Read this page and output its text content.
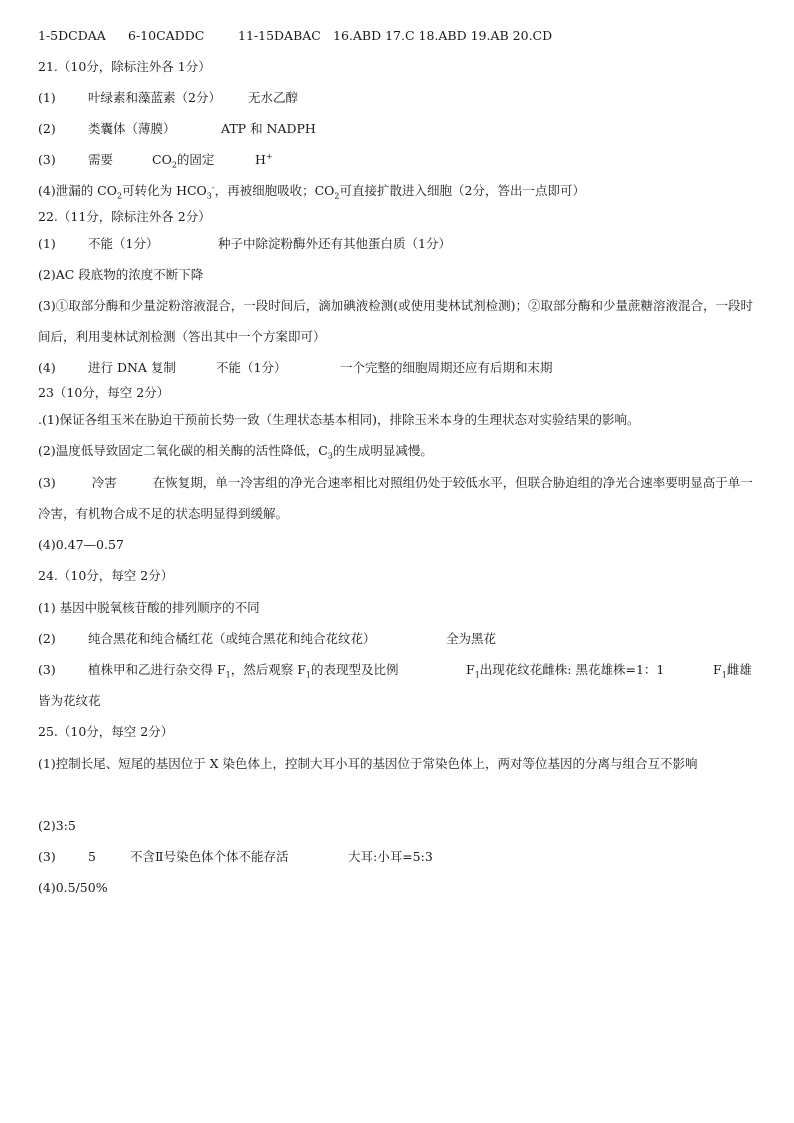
1-5DCDAA 6-10CADDC	11-15DABAC 16.ABD 17.C 18.ABD 19.AB 20.CD
21.（10分，除标注外各 1分）
(1)	叶绿素和藻蓝素（2分） 无水乙醇
(2)	类囊体（薄膜）	ATP 和 NADPH
(3)	需要	$CO_2$的固定	H+
(4)泄漏的 $CO_2$可转化为 $HCO_3^-$，再被细胞吸收；$CO_2$可直接扩散进入细胞（2分，答出一点即可）
22.（11分，除标注外各 2分）
(1)	不能（1分）	种子中除淀粉酶外还有其他蛋白质（1分）
(2)AC 段底物的浓度不断下降
(3)①取部分酶和少量淀粉溶液混合，一段时间后，滴加碘液检测(或使用斐林试剂检测)；②取部分酶和少量蔗糖溶液混合，一段时间后，利用斐林试剂检测（答出其中一个方案即可）
(4)	进行 DNA 复制	不能（1分）	一个完整的细胞周期还应有后期和末期
23（10分，每空 2分）
.(1)保证各组玉米在胁迫干预前长势一致（生理状态基本相同)，排除玉米本身的生理状态对实验结果的影响。
(2)温度低导致固定二氧化碳的相关酶的活性降低，$C_3$的生成明显减慢。
(3)	冷害	在恢复期，单一冷害组的净光合速率相比对照组仍处于较低水平，但联合胁迫组的净光合速率要明显高于单一冷害，有机物合成不足的状态明显得到缓解。
(4)0.47—0.57
24.（10分，每空 2分）
(1) 基因中脱氧核苷酸的排列顺序的不同
(2)	纯合黑花和纯合橘红花（或纯合黑花和纯合花纹花）	全为黑花
(3)	植株甲和乙进行杂交得 $F_1$，然后观察 $F_1$的表现型及比例	$F_1$出现花纹花雌株: 黑花雄株=1：1	$F_1$雌雄
皆为花纹花
25.（10分，每空 2分）
(1)控制长尾、短尾的基因位于 X 染色体上，控制大耳小耳的基因位于常染色体上，两对等位基因的分离与组合互不影响
(2)3:5
(3)	5	不含Ⅱ号染色体个体不能存活	大耳:小耳=5:3
(4)0.5/50%
